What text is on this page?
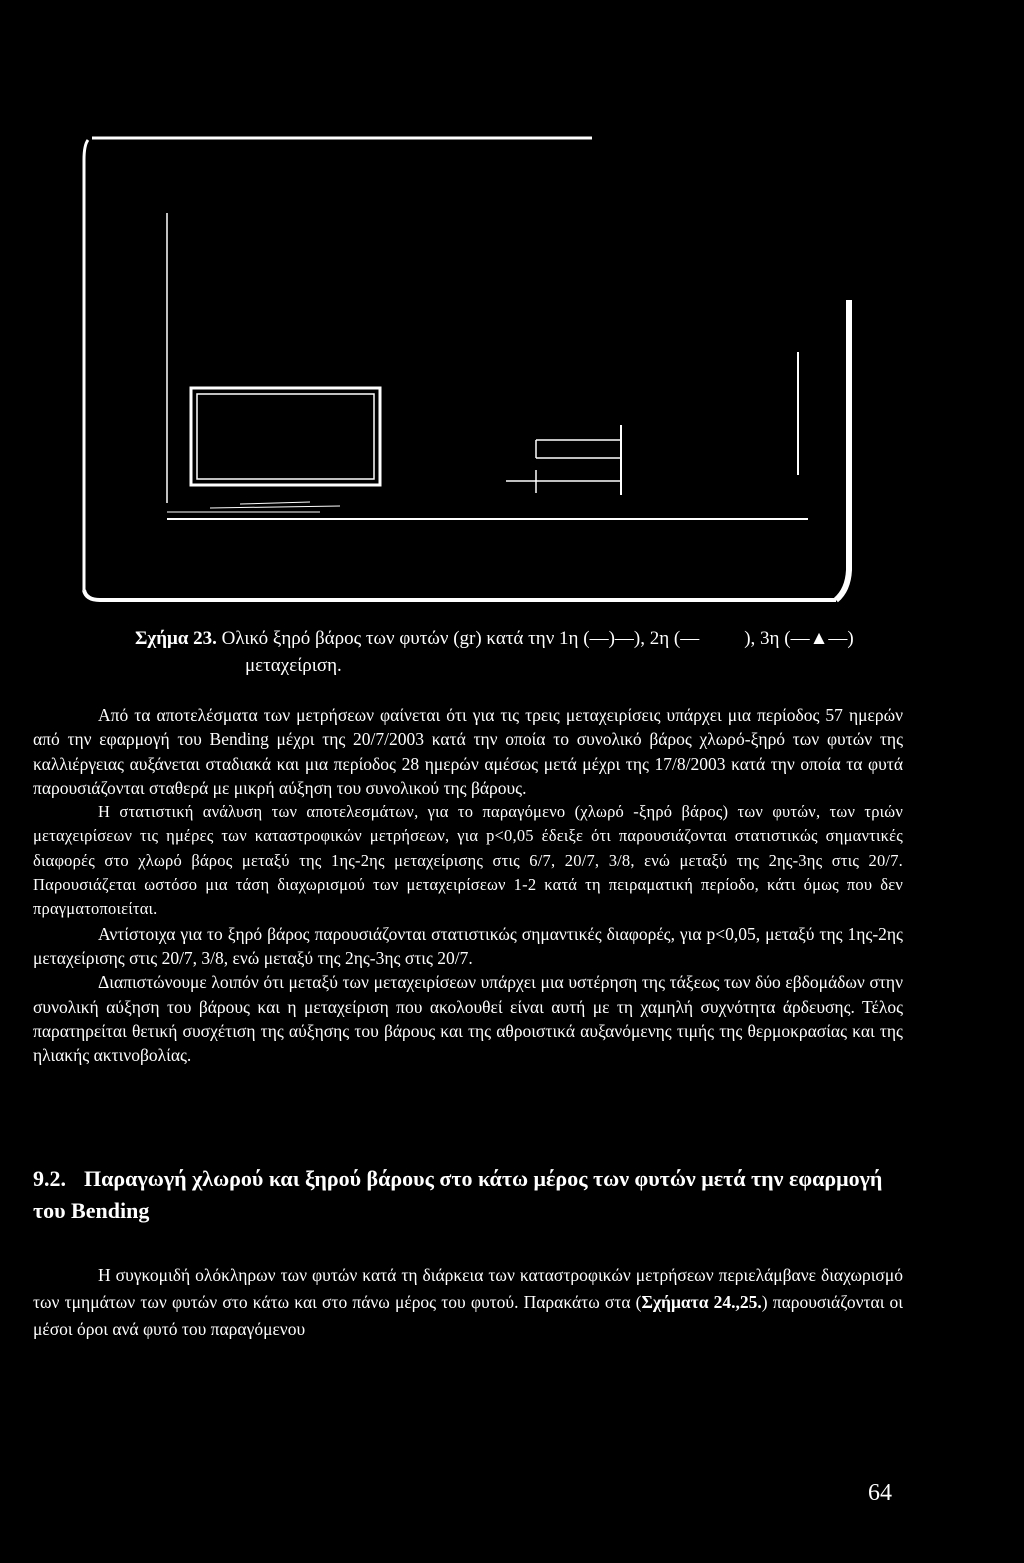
Σχήμα 23. Ολικό ξηρό βάρος των φυτών (gr) κατά την 1η (—)—), 2η (— ), 3η (—▲—)
μεταχείριση.

Από τα αποτελέσματα των μετρήσεων φαίνεται ότι για τις τρεις μεταχειρίσεις υπάρχει μια περίοδος 57 ημερών από την εφαρμογή του Bending μέχρι της 20/7/2003 κατά την οποία το συνολικό βάρος χλωρό-ξηρό των φυτών της καλλιέργειας αυξάνεται σταδιακά και μια περίοδος 28 ημερών αμέσως μετά μέχρι της 17/8/2003 κατά την οποία τα φυτά παρουσιάζονται σταθερά με μικρή αύξηση του συνολικού της βάρους.

Η στατιστική ανάλυση των αποτελεσμάτων, για το παραγόμενο (χλωρό -ξηρό βάρος) των φυτών, των τριών μεταχειρίσεων τις ημέρες των καταστροφικών μετρήσεων, για p<0,05 έδειξε ότι παρουσιάζονται στατιστικώς σημαντικές διαφορές στο χλωρό βάρος μεταξύ της 1ης-2ης μεταχείρισης στις 6/7, 20/7, 3/8, ενώ μεταξύ της 2ης-3ης στις 20/7. Παρουσιάζεται ωστόσο μια τάση διαχωρισμού των μεταχειρίσεων 1-2 κατά τη πειραματική περίοδο, κάτι όμως που δεν πραγματοποιείται.

Αντίστοιχα για το ξηρό βάρος παρουσιάζονται στατιστικώς σημαντικές διαφορές, για p<0,05, μεταξύ της 1ης-2ης μεταχείρισης στις 20/7, 3/8, ενώ μεταξύ της 2ης-3ης στις 20/7.

Διαπιστώνουμε λοιπόν ότι μεταξύ των μεταχειρίσεων υπάρχει μια υστέρηση της τάξεως των δύο εβδομάδων στην συνολική αύξηση του βάρους και η μεταχείριση που ακολουθεί είναι αυτή με τη χαμηλή συχνότητα άρδευσης. Τέλος παρατηρείται θετική συσχέτιση της αύξησης του βάρους και της αθροιστικά αυξανόμενης τιμής της θερμοκρασίας και της ηλιακής ακτινοβολίας.

9.2. Παραγωγή χλωρού και ξηρού βάρους στο κάτω μέρος των φυτών μετά την εφαρμογή του Bending

Η συγκομιδή ολόκληρων των φυτών κατά τη διάρκεια των καταστροφικών μετρήσεων περιελάμβανε διαχωρισμό των τμημάτων των φυτών στο κάτω και στο πάνω μέρος του φυτού. Παρακάτω στα (Σχήματα 24.,25.) παρουσιάζονται οι μέσοι όροι ανά φυτό του παραγόμενου

64
